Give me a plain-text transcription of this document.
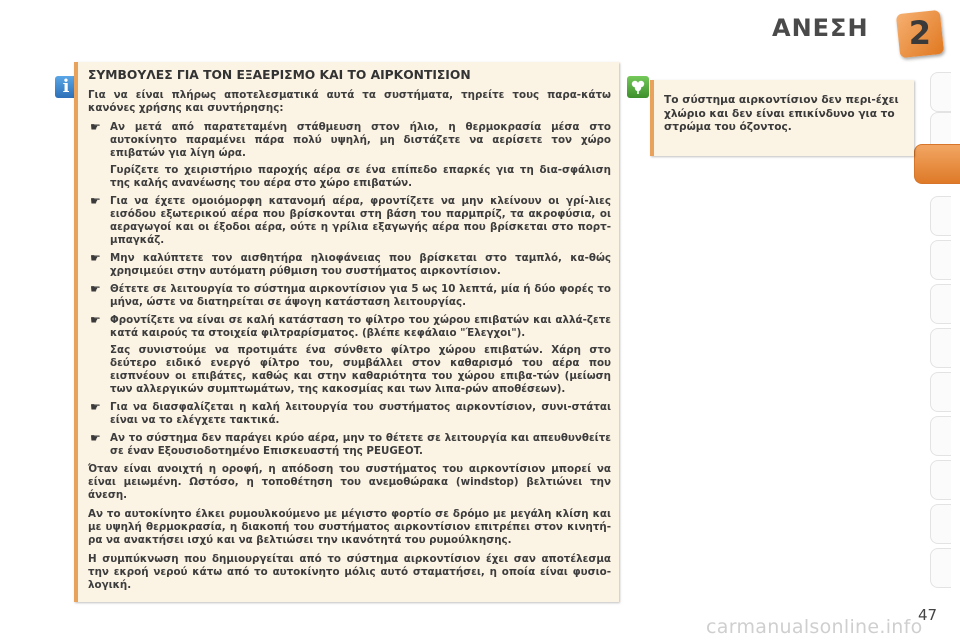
ΑΝΕΣΗ	2
i
ΣΥΜΒΟΥΛΕΣ ΓΙΑ ΤΟΝ ΕΞΑΕΡΙΣΜΟ ΚΑΙ ΤΟ ΑΙΡΚΟΝΤΙΣΙΟΝ

Για να είναι πλήρως αποτελεσματικά αυτά τα συστήματα, τηρείτε τους παρα-κάτω κανόνες χρήσης και συντήρησης:

☛ Αν μετά από παρατεταμένη στάθμευση στον ήλιο, η θερμοκρασία μέσα στο αυτοκίνητο παραμένει πάρα πολύ υψηλή, μη διστάζετε να αερίσετε τον χώρο επιβατών για λίγη ώρα.

Γυρίζετε το χειριστήριο παροχής αέρα σε ένα επίπεδο επαρκές για τη δια-σφάλιση της καλής ανανέωσης του αέρα στο χώρο επιβατών.

☛ Για να έχετε ομοιόμορφη κατανομή αέρα, φροντίζετε να μην κλείνουν οι γρί-λιες εισόδου εξωτερικού αέρα που βρίσκονται στη βάση του παρμπρίζ, τα ακροφύσια, οι αεραγωγοί και οι έξοδοι αέρα, ούτε η γρίλια εξαγωγής αέρα που βρίσκεται στο πορτ-μπαγκάζ.

☛ Μην καλύπτετε τον αισθητήρα ηλιοφάνειας που βρίσκεται στο ταμπλό, κα-θώς χρησιμεύει στην αυτόματη ρύθμιση του συστήματος αιρκοντίσιον.

☛ Θέτετε σε λειτουργία το σύστημα αιρκοντίσιον για 5 ως 10 λεπτά, μία ή δύο φορές το μήνα, ώστε να διατηρείται σε άψογη κατάσταση λειτουργίας.

☛ Φροντίζετε να είναι σε καλή κατάσταση το φίλτρο του χώρου επιβατών και αλλά-ζετε κατά καιρούς τα στοιχεία φιλτραρίσματος. (βλέπε κεφάλαιο "Έλεγχοι").

Σας συνιστούμε να προτιμάτε ένα σύνθετο φίλτρο χώρου επιβατών. Χάρη στο δεύτερο ειδικό ενεργό φίλτρο του, συμβάλλει στον καθαρισμό του αέρα που εισπνέουν οι επιβάτες, καθώς και στην καθαριότητα του χώρου επιβα-τών (μείωση των αλλεργικών συμπτωμάτων, της κακοσμίας και των λιπα-ρών αποθέσεων).

☛ Για να διασφαλίζεται η καλή λειτουργία του συστήματος αιρκοντίσιον, συνι-στάται είναι να το ελέγχετε τακτικά.

☛ Αν το σύστημα δεν παράγει κρύο αέρα, μην το θέτετε σε λειτουργία και απευθυνθείτε σε έναν Εξουσιοδοτημένο Επισκευαστή της PEUGEOT.

Όταν είναι ανοιχτή η οροφή, η απόδοση του συστήματος του αιρκοντίσιον μπορεί να είναι μειωμένη. Ωστόσο, η τοποθέτηση του ανεμοθώρακα (windstop) βελτιώνει την άνεση.

Αν το αυτοκίνητο έλκει ρυμουλκούμενο με μέγιστο φορτίο σε δρόμο με μεγάλη κλίση και με υψηλή θερμοκρασία, η διακοπή του συστήματος αιρκοντίσιον επιτρέπει στον κινητή-ρα να ανακτήσει ισχύ και να βελτιώσει την ικανότητά του ρυμούλκησης.

Η συμπύκνωση που δημιουργείται από το σύστημα αιρκοντίσιον έχει σαν αποτέλεσμα την εκροή νερού κάτω από το αυτοκίνητο μόλις αυτό σταματήσει, η οποία είναι φυσιο-λογική.

Το σύστημα αιρκοντίσιον δεν περι-έχει χλώριο και δεν είναι επικίνδυνο για το στρώμα του όζοντος.
47
carmanualsonline.info
